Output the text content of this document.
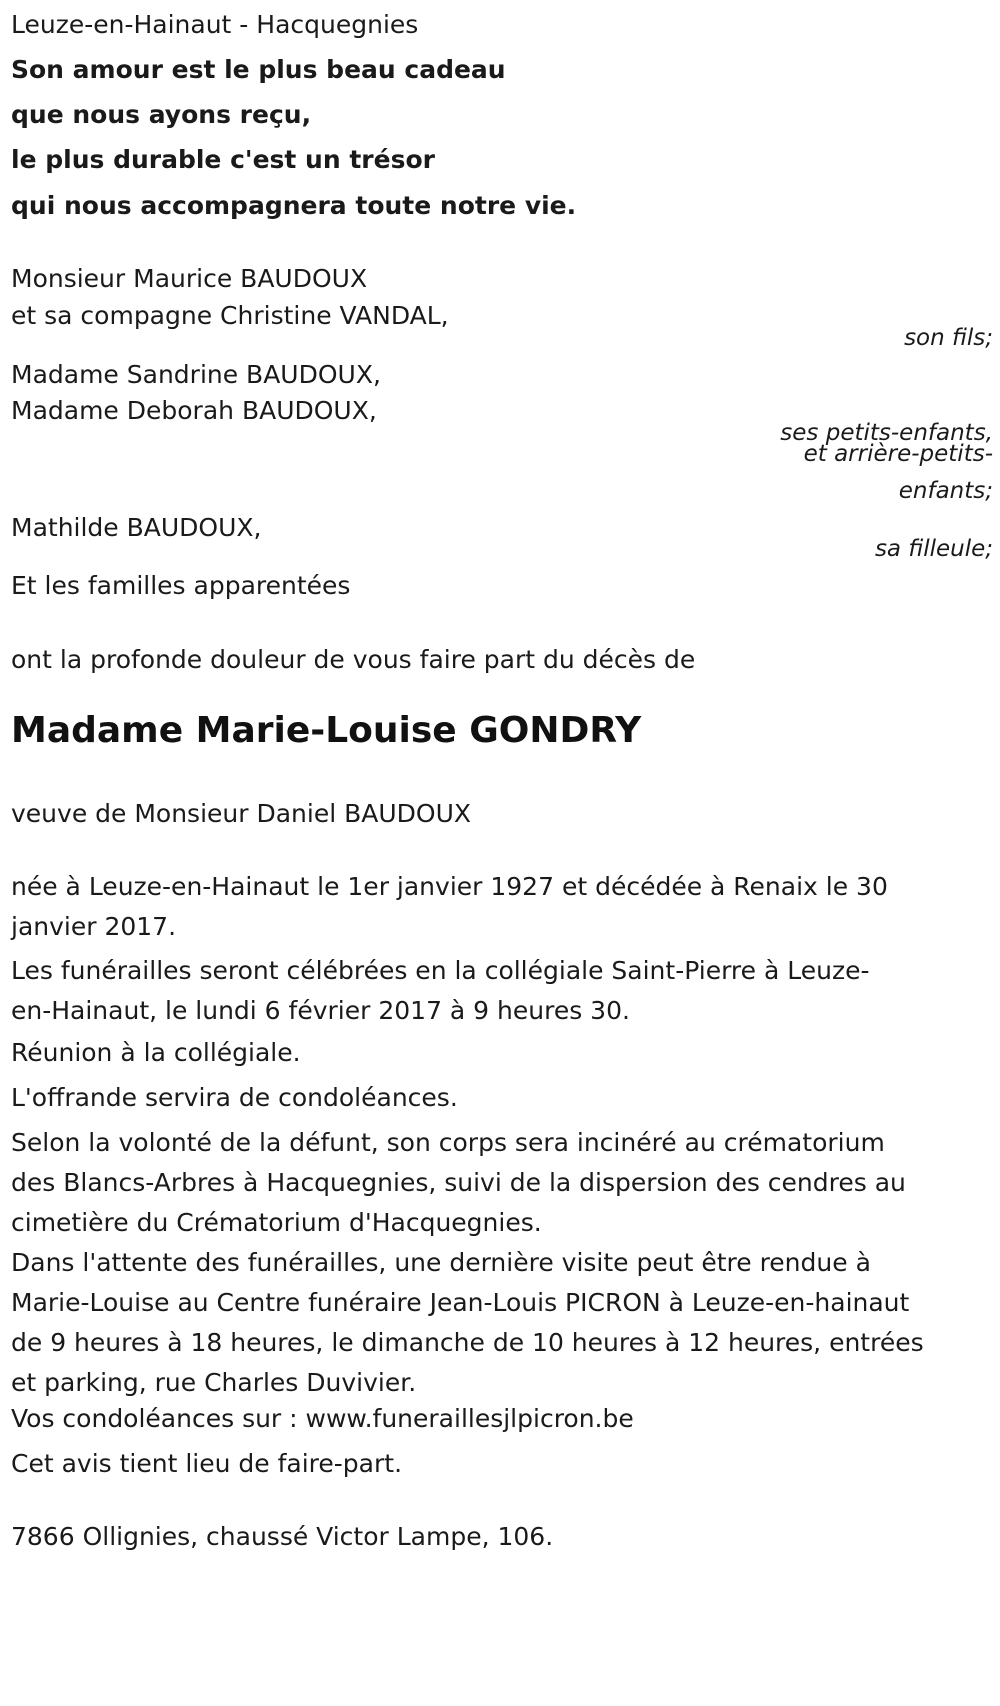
Leuze-en-Hainaut - Hacquegnies

Son amour est le plus beau cadeau

que nous ayons reçu,

le plus durable c'est un trésor

qui nous accompagnera toute notre vie.

Monsieur Maurice BAUDOUX

et sa compagne Christine VANDAL,

son fils;

Madame Sandrine BAUDOUX,

Madame Deborah BAUDOUX,

ses petits-enfants,

et arrière-petits-

enfants;

Mathilde BAUDOUX,

sa filleule;

Et les familles apparentées

ont la profonde douleur de vous faire part du décès de

Madame Marie-Louise GONDRY

veuve de Monsieur Daniel BAUDOUX

née à Leuze-en-Hainaut le 1er janvier 1927 et décédée à Renaix le 30
janvier 2017.
Les funérailles seront célébrées en la collégiale Saint-Pierre à Leuze-
en-Hainaut, le lundi 6 février 2017 à 9 heures 30.

Réunion à la collégiale.

L'offrande servira de condoléances.

Selon la volonté de la défunt, son corps sera incinéré au crématorium
des Blancs-Arbres à Hacquegnies, suivi de la dispersion des cendres au
cimetière du Crématorium d'Hacquegnies.
Dans l'attente des funérailles, une dernière visite peut être rendue à
Marie-Louise au Centre funéraire Jean-Louis PICRON à Leuze-en-hainaut
de 9 heures à 18 heures, le dimanche de 10 heures à 12 heures, entrées
et parking, rue Charles Duvivier.

Vos condoléances sur : www.funeraillesjlpicron.be

Cet avis tient lieu de faire-part.

7866 Ollignies, chaussé Victor Lampe, 106.
